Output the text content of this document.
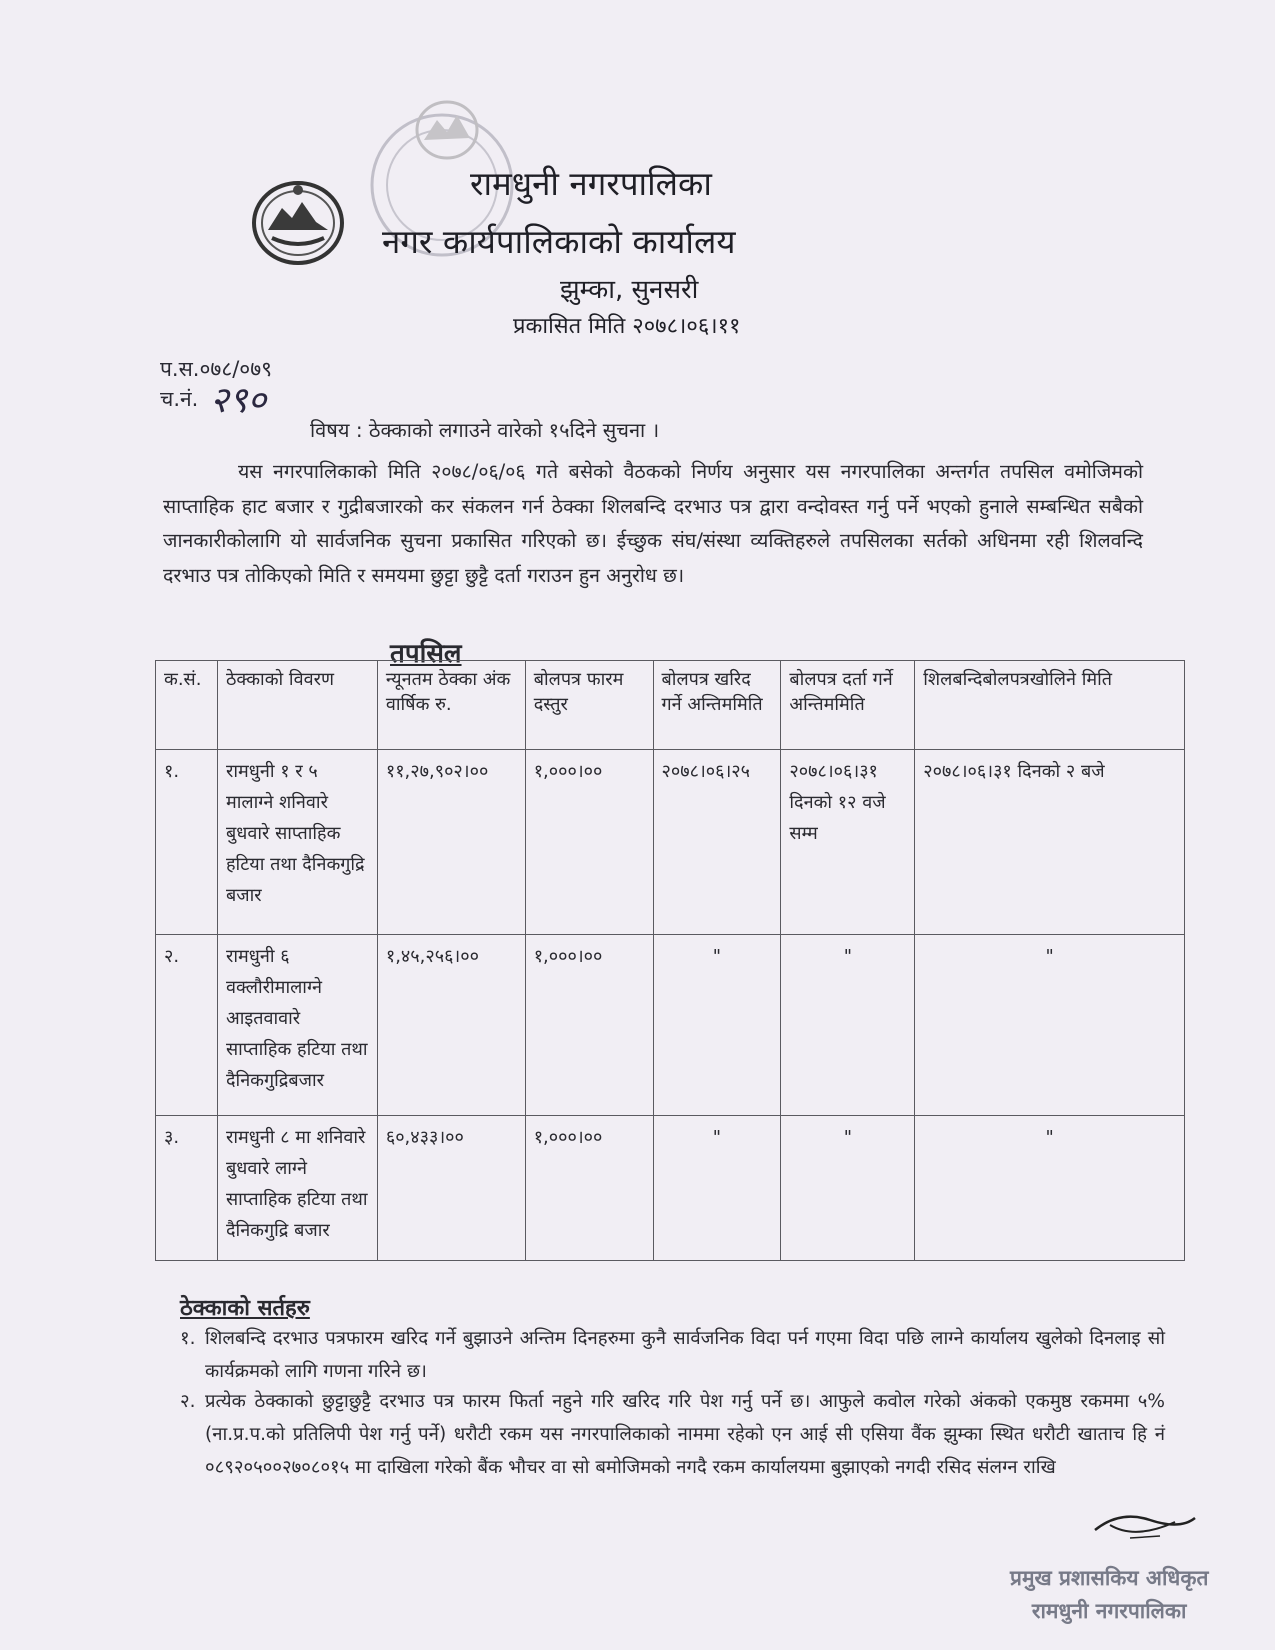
रामधुनी नगरपालिका
नगर कार्यपालिकाको कार्यालय
झुम्का, सुनसरी
प्रकासित मिति २०७८।०६।११
प.स.०७८/०७९
च.नं. २९०
विषय : ठेक्काको लगाउने वारेको १५दिने सुचना ।
यस नगरपालिकाको मिति २०७८/०६/०६ गते बसेको वैठकको निर्णय अनुसार यस नगरपालिका अन्तर्गत तपसिल वमोजिमको साप्ताहिक हाट बजार र गुद्रीबजारको कर संकलन गर्न ठेक्का शिलबन्दि दरभाउ पत्र द्वारा वन्दोवस्त गर्नु पर्ने भएको हुनाले सम्बन्धित सबैको जानकारीकोलागि यो सार्वजनिक सुचना प्रकासित गरिएको छ। ईच्छुक संघ/संस्था व्यक्तिहरुले तपसिलका सर्तको अधिनमा रही शिलवन्दि दरभाउ पत्र तोकिएको मिति र समयमा छुट्टा छुट्टै दर्ता गराउन हुन अनुरोध छ।
तपसिल
क.सं.	ठेक्काको विवरण	न्यूनतम ठेक्का अंक वार्षिक रु.	बोलपत्र फारम दस्तुर	बोलपत्र खरिद गर्ने अन्तिममिति	बोलपत्र दर्ता गर्ने अन्तिममिति	शिलबन्दिबोलपत्रखोलिने मिति
१.	रामधुनी १ र ५ मालाग्ने शनिवारे बुधवारे साप्ताहिक हटिया तथा दैनिकगुद्रि बजार	११,२७,९०२।००	१,०००।००	२०७८।०६।२५	२०७८।०६।३१ दिनको १२ वजे सम्म	२०७८।०६।३१ दिनको २ बजे
२.	रामधुनी ६ वक्लौरीमालाग्ने आइतवावारे साप्ताहिक हटिया तथा दैनिकगुद्रिबजार	१,४५,२५६।००	१,०००।००	"	"	"
३.	रामधुनी ८ मा शनिवारे बुधवारे लाग्ने साप्ताहिक हटिया तथा दैनिकगुद्रि बजार	६०,४३३।००	१,०००।००	"	"	"
ठेक्काको सर्तहरु
१. शिलबन्दि दरभाउ पत्रफारम खरिद गर्ने बुझाउने अन्तिम दिनहरुमा कुनै सार्वजनिक विदा पर्न गएमा विदा पछि लाग्ने कार्यालय खुलेको दिनलाइ सो कार्यक्रमको लागि गणना गरिने छ।
२. प्रत्येक ठेक्काको छुट्टाछुट्टै दरभाउ पत्र फारम फिर्ता नहुने गरि खरिद गरि पेश गर्नु पर्ने छ। आफुले कवोल गरेको अंकको एकमुष्ठ रकममा ५% (ना.प्र.प.को प्रतिलिपी पेश गर्नु पर्ने) धरौटी रकम यस नगरपालिकाको नाममा रहेको एन आई सी एसिया वैंक झुम्का स्थित धरौटी खाताच हि नं ०८९२०५००२७०८०१५ मा दाखिला गरेको बैंक भौचर वा सो बमोजिमको नगदै रकम कार्यालयमा बुझाएको नगदी रसिद संलग्न राखि
प्रमुख प्रशासकिय अधिकृत
रामधुनी नगरपालिका
